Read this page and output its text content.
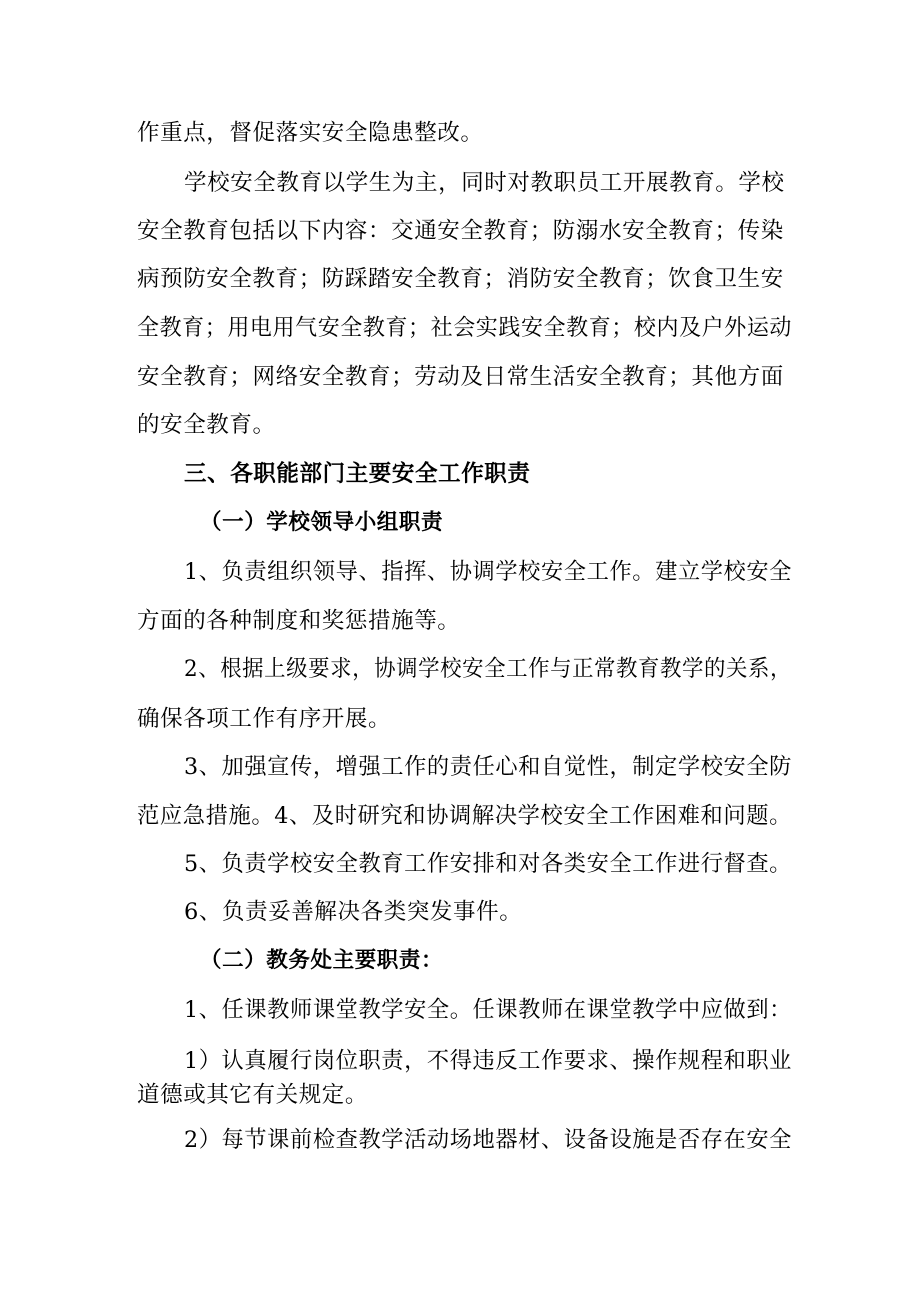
作重点，督促落实安全隐患整改。
学校安全教育以学生为主，同时对教职员工开展教育。学校
安全教育包括以下内容：交通安全教育；防溺水安全教育；传染
病预防安全教育；防踩踏安全教育；消防安全教育；饮食卫生安
全教育；用电用气安全教育；社会实践安全教育；校内及户外运动
安全教育；网络安全教育；劳动及日常生活安全教育；其他方面
的安全教育。
三、各职能部门主要安全工作职责
（一）学校领导小组职责
1、负责组织领导、指挥、协调学校安全工作。建立学校安全
方面的各种制度和奖惩措施等。
2、根据上级要求，协调学校安全工作与正常教育教学的关系，
确保各项工作有序开展。
3、加强宣传，增强工作的责任心和自觉性，制定学校安全防
范应急措施。4、及时研究和协调解决学校安全工作困难和问题。
5、负责学校安全教育工作安排和对各类安全工作进行督查。
6、负责妥善解决各类突发事件。
（二）教务处主要职责：
1、任课教师课堂教学安全。任课教师在课堂教学中应做到：
1）认真履行岗位职责，不得违反工作要求、操作规程和职业
道德或其它有关规定。
2）每节课前检查教学活动场地器材、设备设施是否存在安全
